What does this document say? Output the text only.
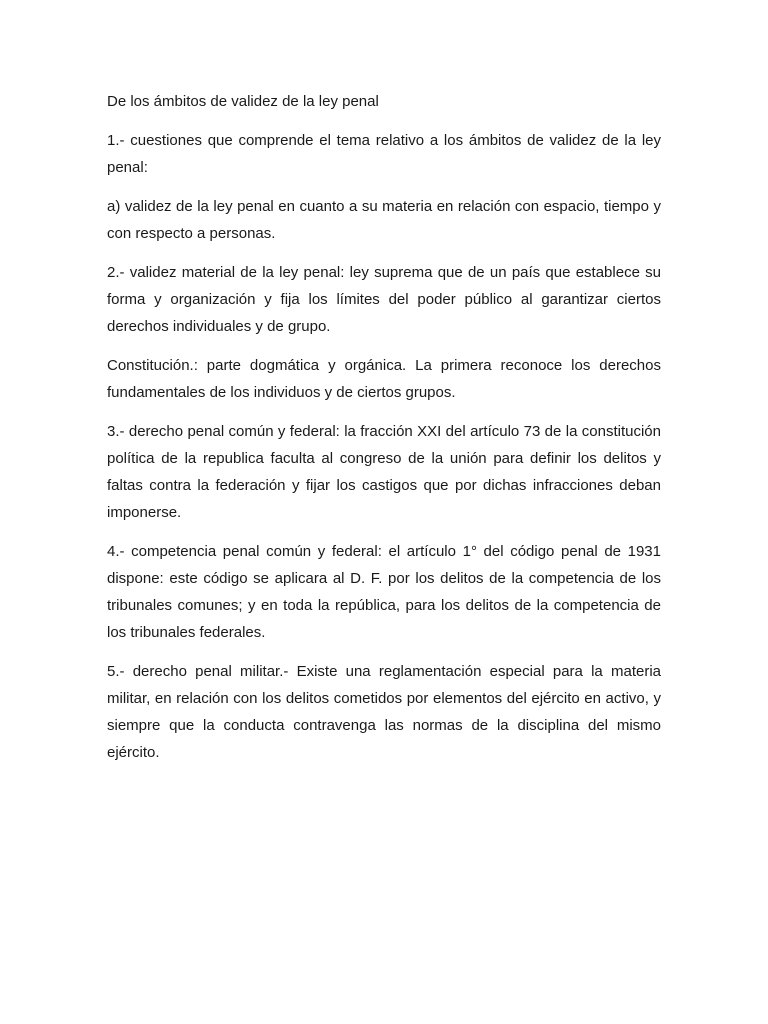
De los ámbitos de validez de la ley penal

1.- cuestiones que comprende el tema relativo a los ámbitos de validez de la ley penal:

a) validez de la ley penal en cuanto a su materia en relación con espacio, tiempo y con respecto a personas.

2.- validez material de la ley penal: ley suprema que de un país que establece su forma y organización y fija los límites del poder público al garantizar ciertos derechos individuales y de grupo.

Constitución.: parte dogmática y orgánica. La primera reconoce los derechos fundamentales de los individuos y de ciertos grupos.

3.- derecho penal común y federal: la fracción XXI del artículo 73 de la constitución política de la republica faculta al congreso de la unión para definir los delitos y faltas contra la federación y fijar los castigos que por dichas infracciones deban imponerse.

4.- competencia penal común y federal: el artículo 1° del código penal de 1931 dispone: este código se aplicara al D. F. por los delitos de la competencia de los tribunales comunes; y en toda la república, para los delitos de la competencia de los tribunales federales.

5.- derecho penal militar.- Existe una reglamentación especial para la materia militar, en relación con los delitos cometidos por elementos del ejército en activo, y siempre que la conducta contravenga las normas de la disciplina del mismo ejército.
